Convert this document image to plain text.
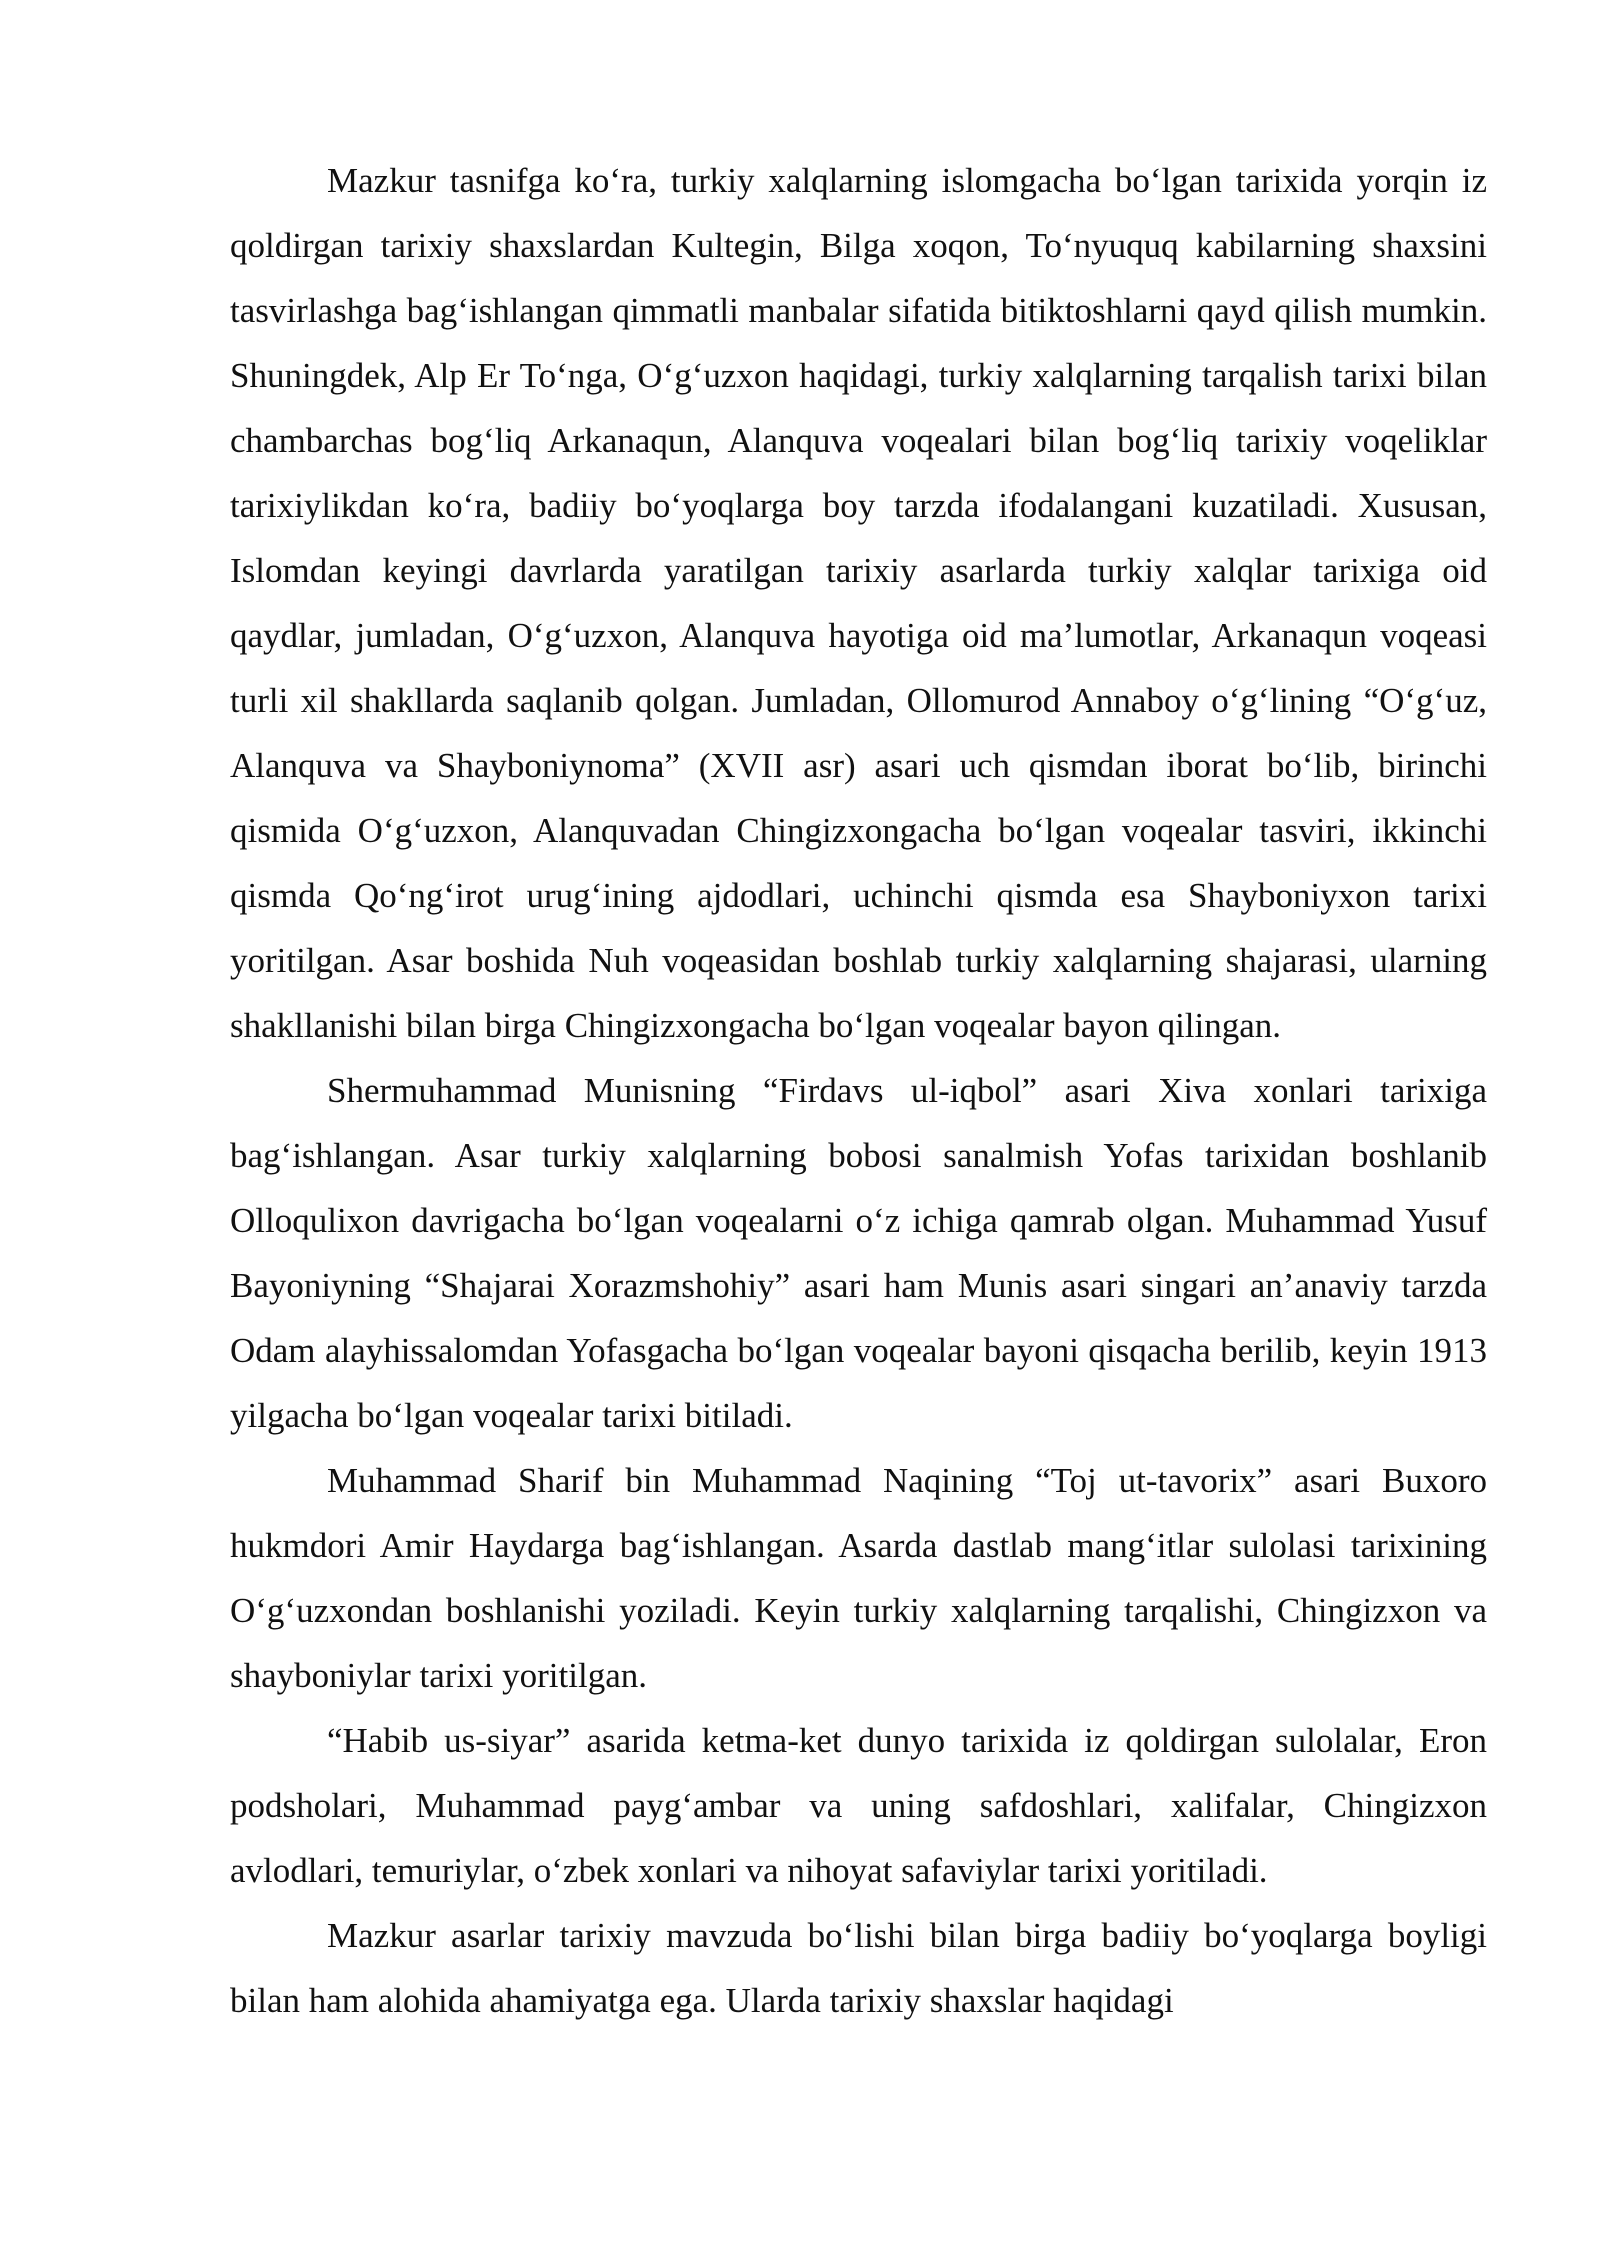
Mazkur tasnifga ko‘ra, turkiy xalqlarning islomgacha bo‘lgan tarixida yorqin iz qoldirgan tarixiy shaxslardan Kultegin, Bilga xoqon, To‘nyuquq kabilarning shaxsini tasvirlashga bag‘ishlangan qimmatli manbalar sifatida bitiktoshlarni qayd qilish mumkin. Shuningdek, Alp Er To‘nga, O‘g‘uzxon haqidagi, turkiy xalqlarning tarqalish tarixi bilan chambarchas bog‘liq Arkanaqun, Alanquva voqealari bilan bog‘liq tarixiy voqeliklar tarixiylikdan ko‘ra, badiiy bo‘yoqlarga boy tarzda ifodalangani kuzatiladi. Xususan, Islomdan keyingi davrlarda yaratilgan tarixiy asarlarda turkiy xalqlar tarixiga oid qaydlar, jumladan, O‘g‘uzxon, Alanquva hayotiga oid ma’lumotlar, Arkanaqun voqeasi turli xil shakllarda saqlanib qolgan. Jumladan, Ollomurod Annaboy o‘g‘lining “O‘g‘uz, Alanquva va Shayboniynoma” (XVII asr) asari uch qismdan iborat bo‘lib, birinchi qismida O‘g‘uzxon, Alanquvadan Chingizxongacha bo‘lgan voqealar tasviri, ikkinchi qismda Qo‘ng‘irot urug‘ining ajdodlari, uchinchi qismda esa Shayboniyxon tarixi yoritilgan. Asar boshida Nuh voqeasidan boshlab turkiy xalqlarning shajarasi, ularning shakllanishi bilan birga Chingizxongacha bo‘lgan voqealar bayon qilingan.

Shermuhammad Munisning “Firdavs ul-iqbol” asari Xiva xonlari tarixiga bag‘ishlangan. Asar turkiy xalqlarning bobosi sanalmish Yofas tarixidan boshlanib Olloqulixon davrigacha bo‘lgan voqealarni o‘z ichiga qamrab olgan. Muhammad Yusuf Bayoniyning “Shajarai Xorazmshohiy” asari ham Munis asari singari an’anaviy tarzda Odam alayhissalomdan Yofasgacha bo‘lgan voqealar bayoni qisqacha berilib, keyin 1913 yilgacha bo‘lgan voqealar tarixi bitiladi.

Muhammad Sharif bin Muhammad Naqining “Toj ut-tavorix” asari Buxoro hukmdori Amir Haydarga bag‘ishlangan. Asarda dastlab mang‘itlar sulolasi tarixining O‘g‘uzxondan boshlanishi yoziladi. Keyin turkiy xalqlarning tarqalishi, Chingizxon va shayboniylar tarixi yoritilgan.

“Habib us-siyar” asarida ketma-ket dunyo tarixida iz qoldirgan sulolalar, Eron podsholari, Muhammad payg‘ambar va uning safdoshlari, xalifalar, Chingizxon avlodlari, temuriylar, o‘zbek xonlari va nihoyat safaviylar tarixi yoritiladi.

Mazkur asarlar tarixiy mavzuda bo‘lishi bilan birga badiiy bo‘yoqlarga boyligi bilan ham alohida ahamiyatga ega. Ularda tarixiy shaxslar haqidagi
